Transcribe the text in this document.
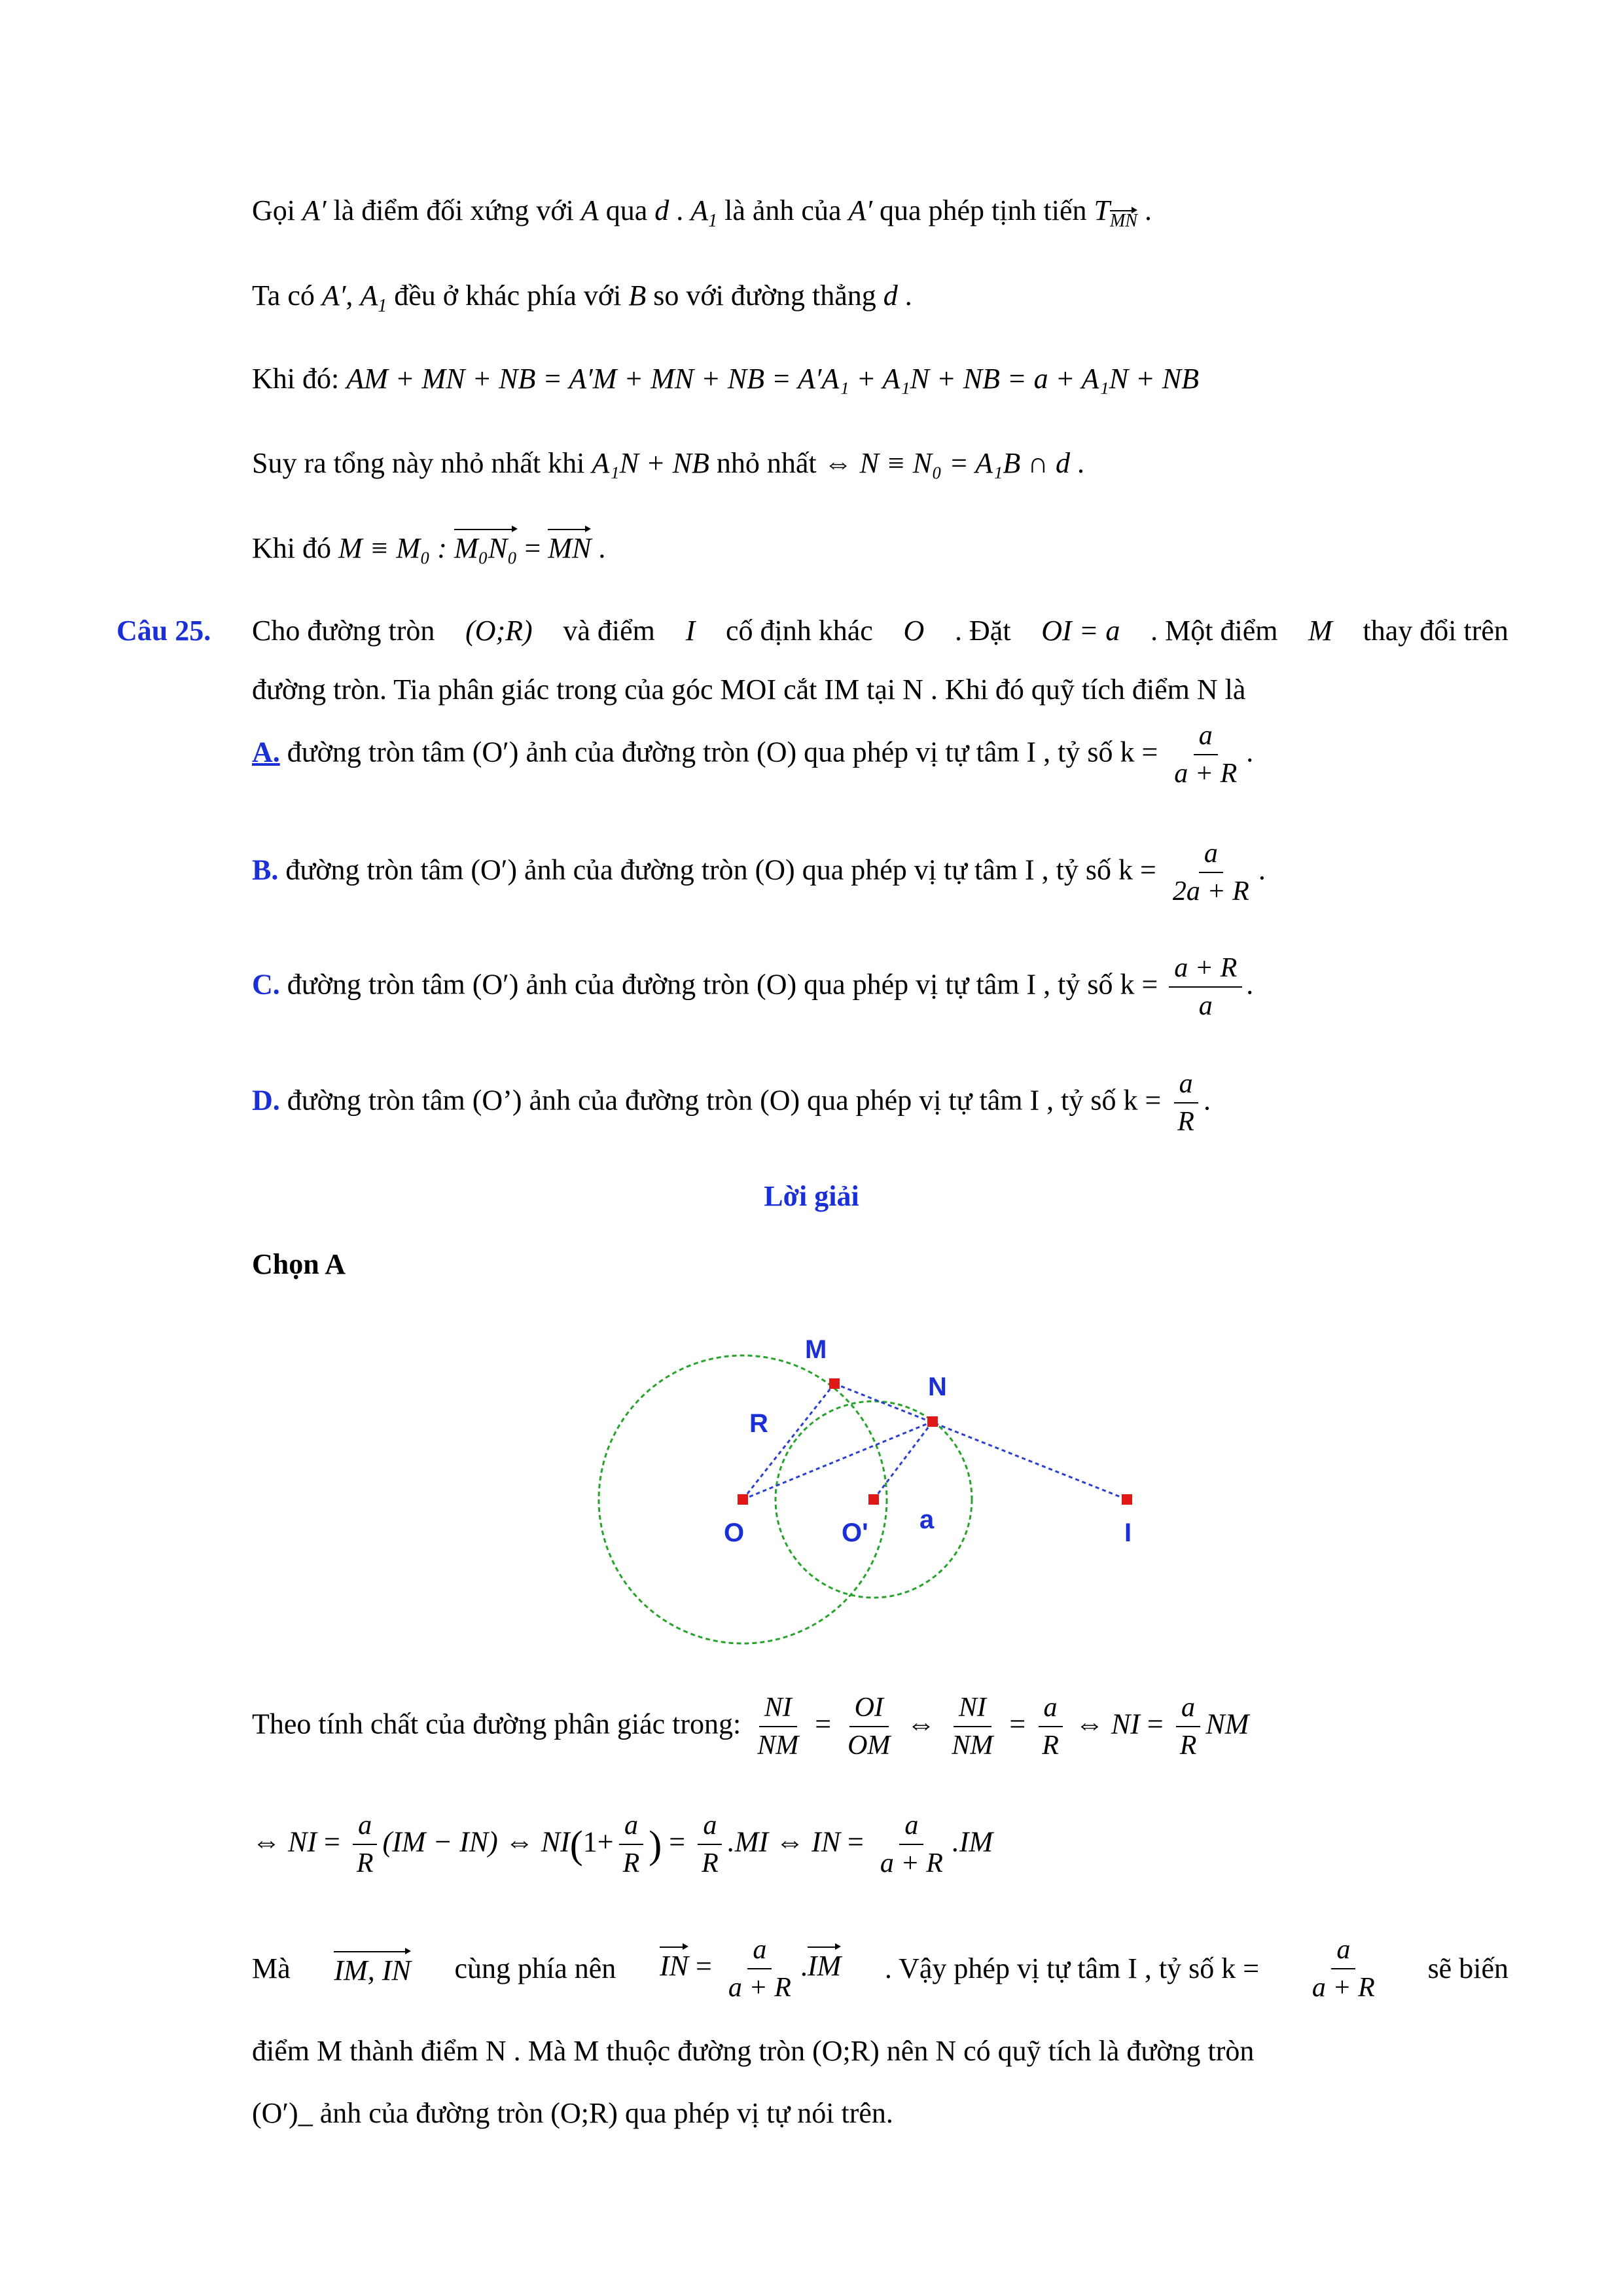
Gọi A′ là điểm đối xứng với A qua d . $A_1$ là ảnh của A′ qua phép tịnh tiến $T_{MN}$ .
Ta có A′, $A_1$ đều ở khác phía với B so với đường thẳng d .
Khi đó: AM + MN + NB = A′M + MN + NB = A′A₁ + A₁N + NB = a + A₁N + NB
Suy ra tổng này nhỏ nhất khi A₁N + NB nhỏ nhất ⇔ N ≡ N₀ = A₁B ∩ d .
Khi đó M ≡ M₀ : M₀N₀ = MN .
Câu 25. Cho đường tròn (O;R) và điểm I cố định khác O . Đặt OI = a . Một điểm M thay đổi trên
đường tròn. Tia phân giác trong của góc MOI cắt IM tại N . Khi đó quỹ tích điểm N là
A. đường tròn tâm (O′) ảnh của đường tròn (O) qua phép vị tự tâm I , tỷ số $k = \frac{a}{a + R}$ .
B. đường tròn tâm (O′) ảnh của đường tròn (O) qua phép vị tự tâm I , tỷ số $k = \frac{a}{2a + R}$ .
C. đường tròn tâm (O′) ảnh của đường tròn (O) qua phép vị tự tâm I , tỷ số $k = \frac{a + R}{a}$ .
D. đường tròn tâm (O’) ảnh của đường tròn (O) qua phép vị tự tâm I , tỷ số $k = \frac{a}{R}$ .
Lời giải
Chọn A
M
N
R
O	O' a	I
Theo tính chất của đường phân giác trong: $\frac{NI}{NM} = \frac{OI}{OM}$ ⇔ $\frac{NI}{NM} = \frac{a}{R}$ ⇔ NI = $\frac{a}{R}$ NM
⇔ NI = $\frac{a}{R} (IM - IN)$ ⇔ $NI(1+ \frac{a}{R}$ ) = $\frac{a}{R} .MI$ ⇔ IN = $\frac{a}{a + R} .IM$
Mà IM, IN cùng phía nên IN = $\frac{a}{a + R} .IM$ . Vậy phép vị tự tâm I , tỷ số $k = \frac{a}{a + R}$ sẽ biến
điểm M thành điểm N . Mà M thuộc đường tròn (O;R) nên N có quỹ tích là đường tròn
(O′)_ ảnh của đường tròn (O;R) qua phép vị tự nói trên.
